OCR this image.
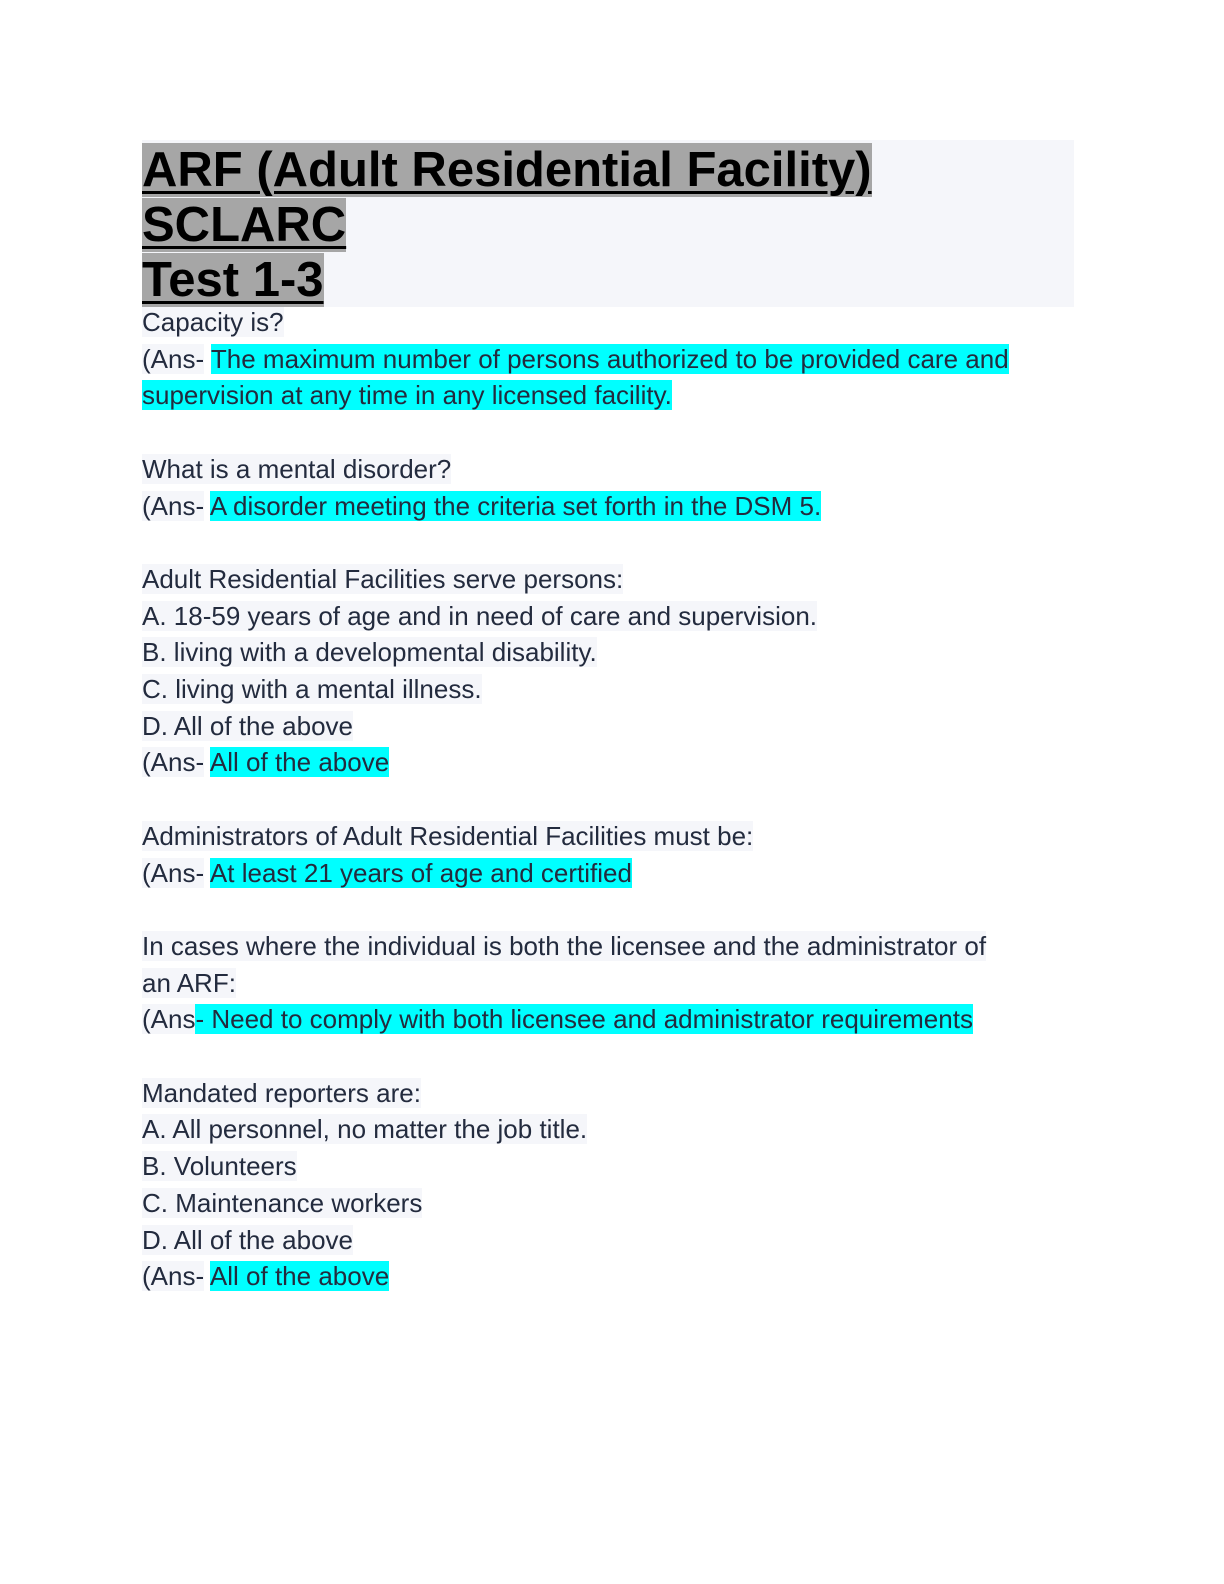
ARF (Adult Residential Facility) SCLARC
Test 1-3
Capacity is?
(Ans- The maximum number of persons authorized to be provided care and
supervision at any time in any licensed facility.
What is a mental disorder?
(Ans- A disorder meeting the criteria set forth in the DSM 5.
Adult Residential Facilities serve persons:
A. 18-59 years of age and in need of care and supervision.
B. living with a developmental disability.
C. living with a mental illness.
D. All of the above
(Ans- All of the above
Administrators of Adult Residential Facilities must be:
(Ans- At least 21 years of age and certified
In cases where the individual is both the licensee and the administrator of
an ARF:
(Ans- Need to comply with both licensee and administrator requirements
Mandated reporters are:
A. All personnel, no matter the job title.
B. Volunteers
C. Maintenance workers
D. All of the above
(Ans- All of the above
